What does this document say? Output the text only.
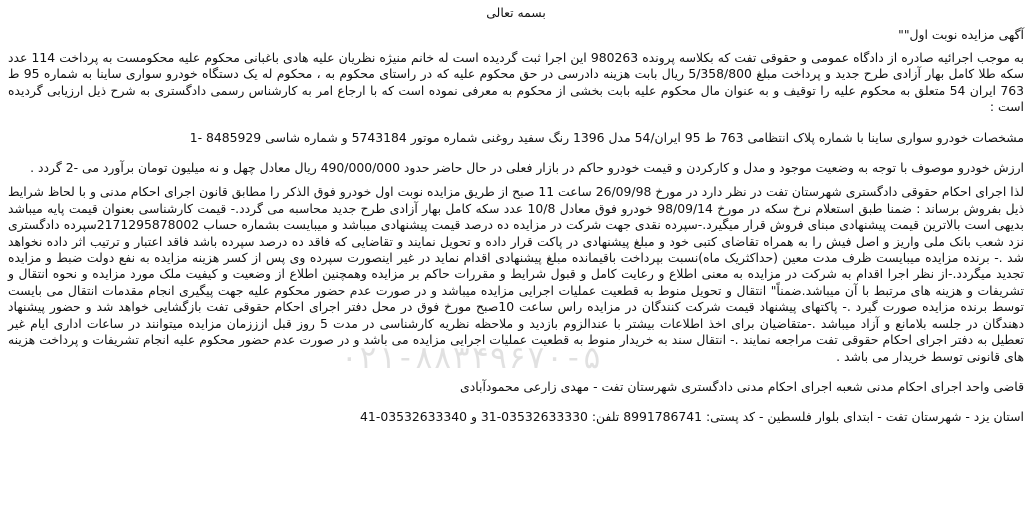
بسمه تعالی
آگهی مزایده نوبت اول""

به موجب اجرائیه صادره از دادگاه عمومی و حقوقی تفت که بکلاسه پرونده 980263 این اجرا ثبت گردیده است له خانم منیژه نظریان علیه هادی باغبانی محکوم علیه محکومست به پرداخت 114 عدد سکه طلا کامل بهار آزادی طرح جدید و پرداخت مبلغ 5/358/800 ریال بابت هزینه دادرسی در حق محکوم علیه که در راستای محکوم به ، محکوم له یک دستگاه خودرو سواری ساینا به شماره 95 ط 763 ایران 54 متعلق به محکوم علیه را توقیف و به عنوان مال محکوم علیه بابت بخشی از محکوم به معرفی نموده است که با ارجاع امر به کارشناس رسمی دادگستری به شرح ذیل ارزیابی گردیده است :

مشخصات خودرو سواری ساینا با شماره پلاک انتظامی 763 ط 95 ایران/54 مدل 1396 رنگ سفید روغنی شماره موتور 5743184 و شماره شاسی 8485929 -1

ارزش خودرو موصوف با توجه به وضعیت موجود و مدل و کارکردن و قیمت خودرو حاکم در بازار فعلی در حال حاضر حدود 490/000/000 ریال معادل چهل و نه میلیون تومان برآورد می -2 گردد .

لذا اجرای احکام حقوقی دادگستری شهرستان تفت در نظر دارد در مورخ 26/09/98 ساعت 11 صبح از طریق مزایده نوبت اول خودرو فوق الذکر را مطابق قانون اجرای احکام مدنی و با لحاظ شرایط ذیل بفروش برساند : ضمنا طبق استعلام نرخ سکه در مورخ 98/09/14 خودرو فوق معادل 10/8 عدد سکه کامل بهار آزادی طرح جدید محاسبه می گردد.- قیمت کارشناسی بعنوان قیمت پایه میباشد بدیهی است بالاترین قیمت پیشنهادی مبنای فروش قرار میگیرد.-سپرده نقدی جهت شرکت در مزایده ده درصد قیمت پیشنهادی میباشد و میبایست بشماره حساب 2171295878002سپرده دادگستری نزد شعب بانک ملی واریز و اصل فیش را به همراه تقاضای کتبی خود و مبلغ پیشنهادی در پاکت قرار داده و تحویل نمایند و تقاضایی که فاقد ده درصد سپرده باشد فاقد اعتبار و ترتیب اثر داده نخواهد شد .- برنده مزایده میبایست ظرف مدت معین (حداکثریک ماه)نسبت بپرداخت باقیمانده مبلغ پیشنهادی اقدام نماید در غیر اینصورت سپرده وی پس از کسر هزینه مزایده به نفع دولت ضبط و مزایده تجدید میگردد.-از نظر اجرا اقدام به شرکت در مزایده به معنی اطلاع و رعایت کامل و قبول شرایط و مقررات حاکم بر مزایده وهمچنین اطلاع از وضعیت و کیفیت ملک مورد مزایده و نحوه انتقال و تشریفات و هزینه های مرتبط با آن میباشد.ضمناً" انتقال و تحویل منوط به قطعیت عملیات اجرایی مزایده میباشد و در صورت عدم حضور محکوم علیه جهت پیگیری انجام مقدمات انتقال می بایست توسط برنده مزایده صورت گیرد .- پاکتهای پیشنهاد قیمت شرکت کنندگان در مزایده راس ساعت 10صبح مورخ فوق در محل دفتر اجرای احکام حقوقی تفت بازگشایی خواهد شد و حضور پیشنهاد دهندگان در جلسه بلامانع و آزاد میباشد .-متقاضیان برای اخذ اطلاعات بیشتر با عندالزوم بازدید و ملاحظه نظریه کارشناسی در مدت 5 روز قبل ازززمان مزایده میتوانند در ساعات اداری ایام غیر تعطیل به دفتر اجرای احکام حقوقی تفت مراجعه نمایند .- انتقال سند به خریدار منوط به قطعیت عملیات اجرایی مزایده می باشد و در صورت عدم حضور محکوم علیه انجام تشریفات و پرداخت هزینه های قانونی توسط خریدار می باشد .

قاضی واحد اجرای احکام مدنی شعبه اجرای احکام مدنی دادگستری شهرستان تفت - مهدی زارعی محمودآبادی

استان یزد - شهرستان تفت - ابتدای بلوار فلسطین - کد پستی: 8991786741 تلفن: 03532633330-31 و 03532633340-41

۰۲۱-۸۸۳۴۹۶۷۰-۵
